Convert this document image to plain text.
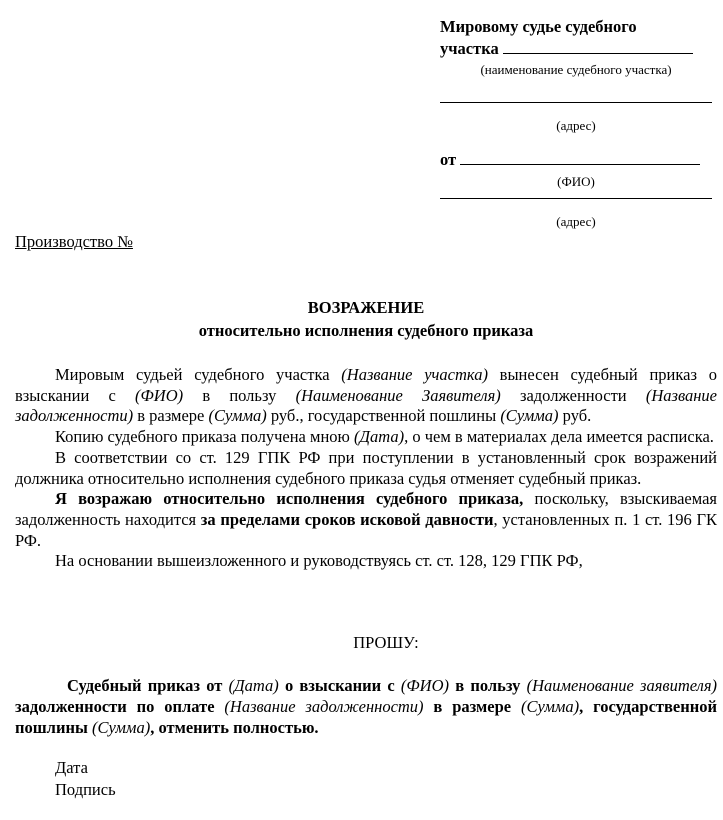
Мировому судье судебного
участка
(наименование судебного участка)
(адрес)
от
(ФИО)
(адрес)
Производство №
ВОЗРАЖЕНИЕ
относительно исполнения судебного приказа

Мировым судьей судебного участка (Название участка) вынесен судебный приказ о взыскании с (ФИО) в пользу (Наименование Заявителя) задолженности (Название задолженности) в размере (Сумма) руб., государственной пошлины (Сумма) руб.

Копию судебного приказа получена мною (Дата), о чем в материалах дела имеется расписка.

В соответствии со ст. 129 ГПК РФ при поступлении в установленный срок возражений должника относительно исполнения судебного приказа судья отменяет судебный приказ.

Я возражаю относительно исполнения судебного приказа, поскольку, взыскиваемая задолженность находится за пределами сроков исковой давности, установленных п. 1 ст. 196 ГК РФ.

На основании вышеизложенного и руководствуясь ст. ст. 128, 129 ГПК РФ,

ПРОШУ:

Судебный приказ от (Дата) о взыскании с (ФИО) в пользу (Наименование заявителя) задолженности по оплате (Название задолженности) в размере (Сумма), государственной пошлины (Сумма), отменить полностью.

Дата
Подпись
